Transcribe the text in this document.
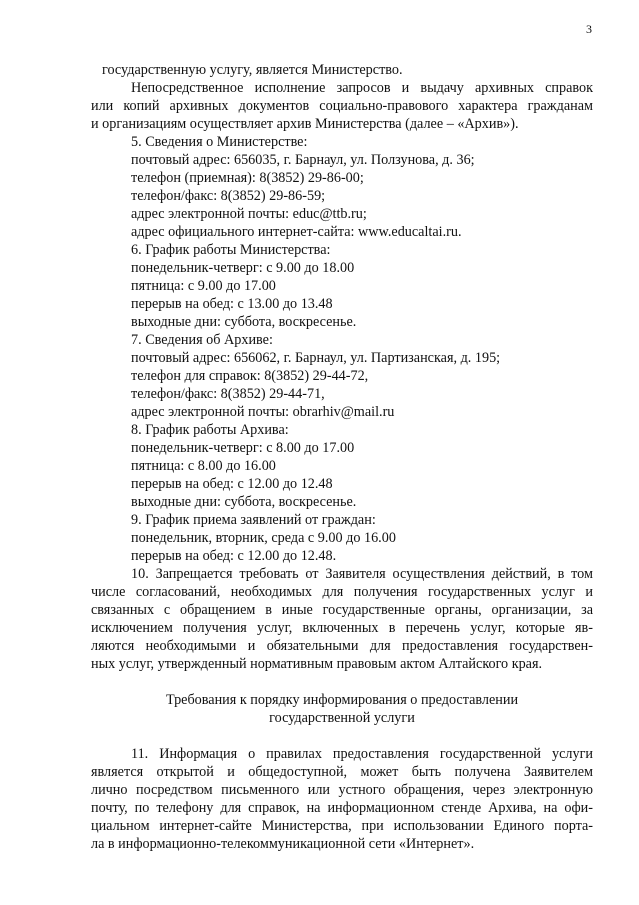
3
государственную услугу, является Министерство.
Непосредственное исполнение запросов и выдачу архивных справок
или копий архивных документов социально-правового характера гражданам
и организациям осуществляет архив Министерства (далее – «Архив»).
5. Сведения о Министерстве:
почтовый адрес: 656035, г. Барнаул, ул. Ползунова, д. 36;
телефон (приемная): 8(3852) 29-86-00;
телефон/факс: 8(3852) 29-86-59;
адрес электронной почты: educ@ttb.ru;
адрес официального интернет-сайта: www.educaltai.ru.
6. График работы Министерства:
понедельник-четверг: с 9.00 до 18.00
пятница: с 9.00 до 17.00
перерыв на обед: с 13.00 до 13.48
выходные дни: суббота, воскресенье.
7. Сведения об Архиве:
почтовый адрес: 656062, г. Барнаул, ул. Партизанская, д. 195;
телефон для справок: 8(3852) 29-44-72,
телефон/факс: 8(3852) 29-44-71,
адрес электронной почты: obrarhiv@mail.ru
8. График работы Архива:
понедельник-четверг: с 8.00 до 17.00
пятница: с 8.00 до 16.00
перерыв на обед: с 12.00 до 12.48
выходные дни: суббота, воскресенье.
9. График приема заявлений от граждан:
понедельник, вторник, среда с 9.00 до 16.00
перерыв на обед: с 12.00 до 12.48.
10. Запрещается требовать от Заявителя осуществления действий, в том
числе согласований, необходимых для получения государственных услуг и
связанных с обращением в иные государственные органы, организации, за
исключением получения услуг, включенных в перечень услуг, которые яв-
ляются необходимыми и обязательными для предоставления государствен-
ных услуг, утвержденный нормативным правовым актом Алтайского края.
Требования к порядку информирования о предоставлении
государственной услуги
11. Информация о правилах предоставления государственной услуги
является открытой и общедоступной, может быть получена Заявителем
лично посредством письменного или устного обращения, через электронную
почту, по телефону для справок, на информационном стенде Архива, на офи-
циальном интернет-сайте Министерства, при использовании Единого порта-
ла в информационно-телекоммуникационной сети «Интернет».
